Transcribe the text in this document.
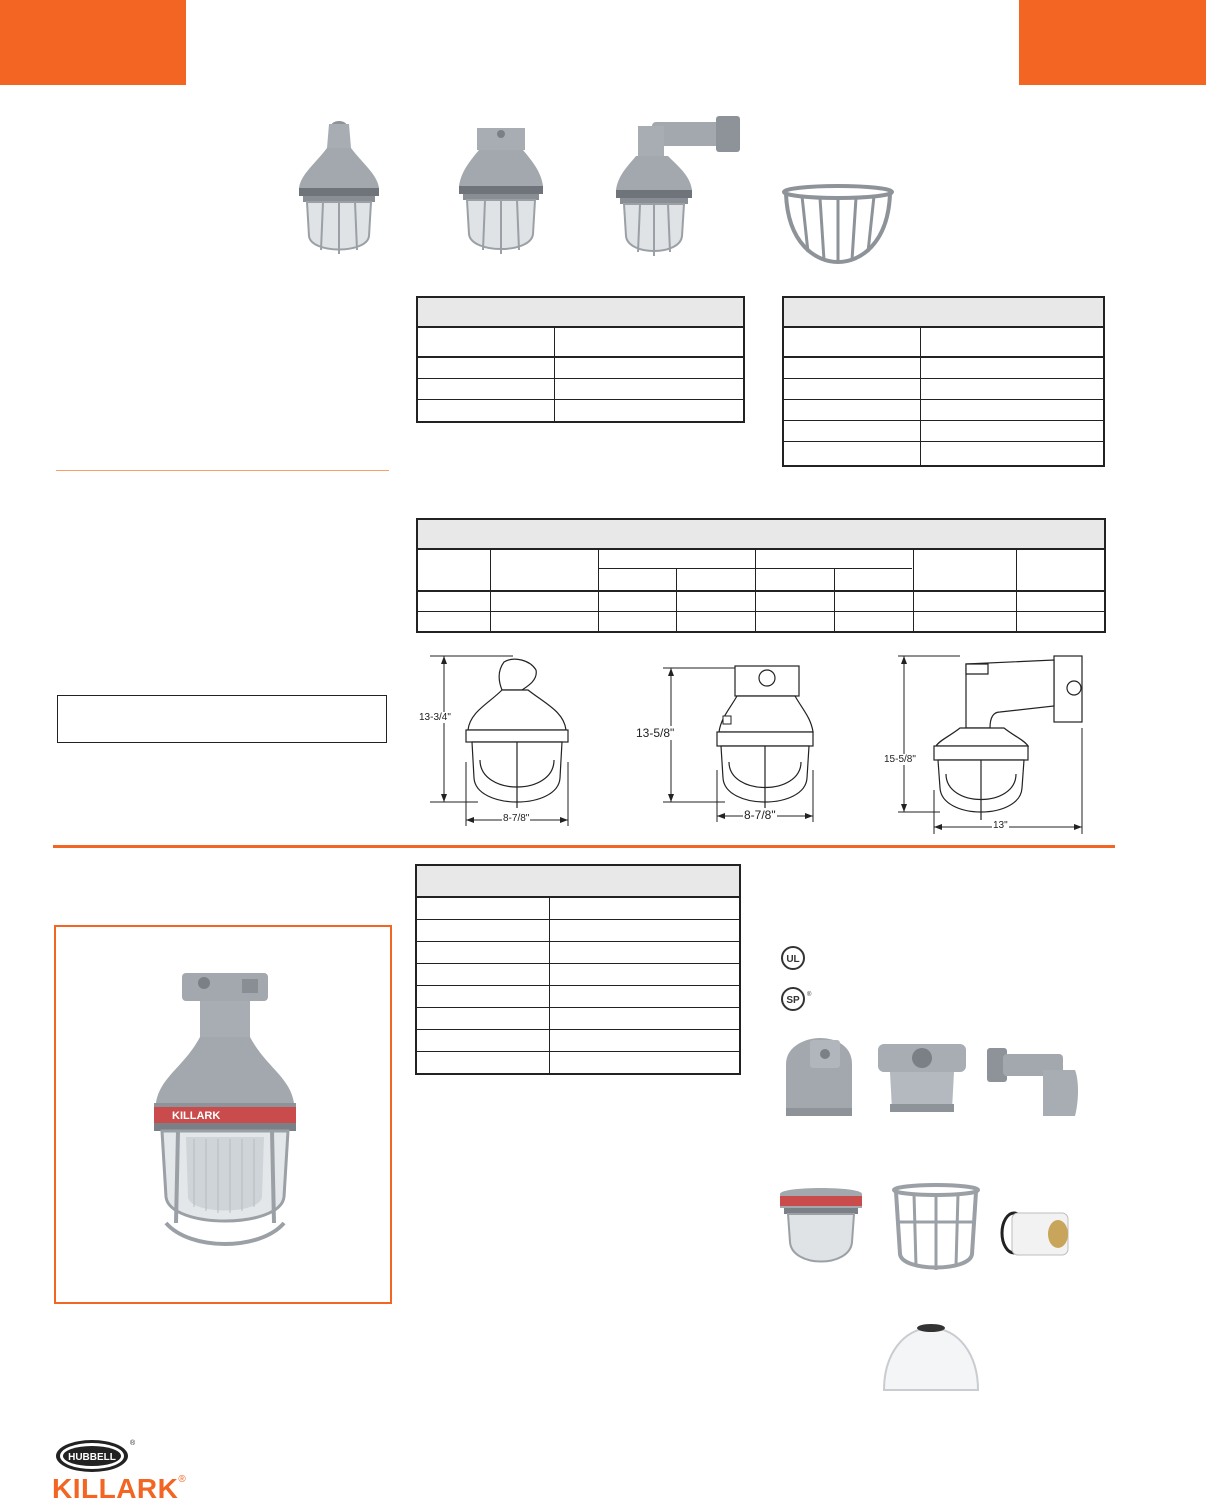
13-3/4"
8-7/8"
13-5/8"
8-7/8"
15-5/8"
13"
KILLARK
UL
SP ®
HUBBELL
®
KILLARK®
